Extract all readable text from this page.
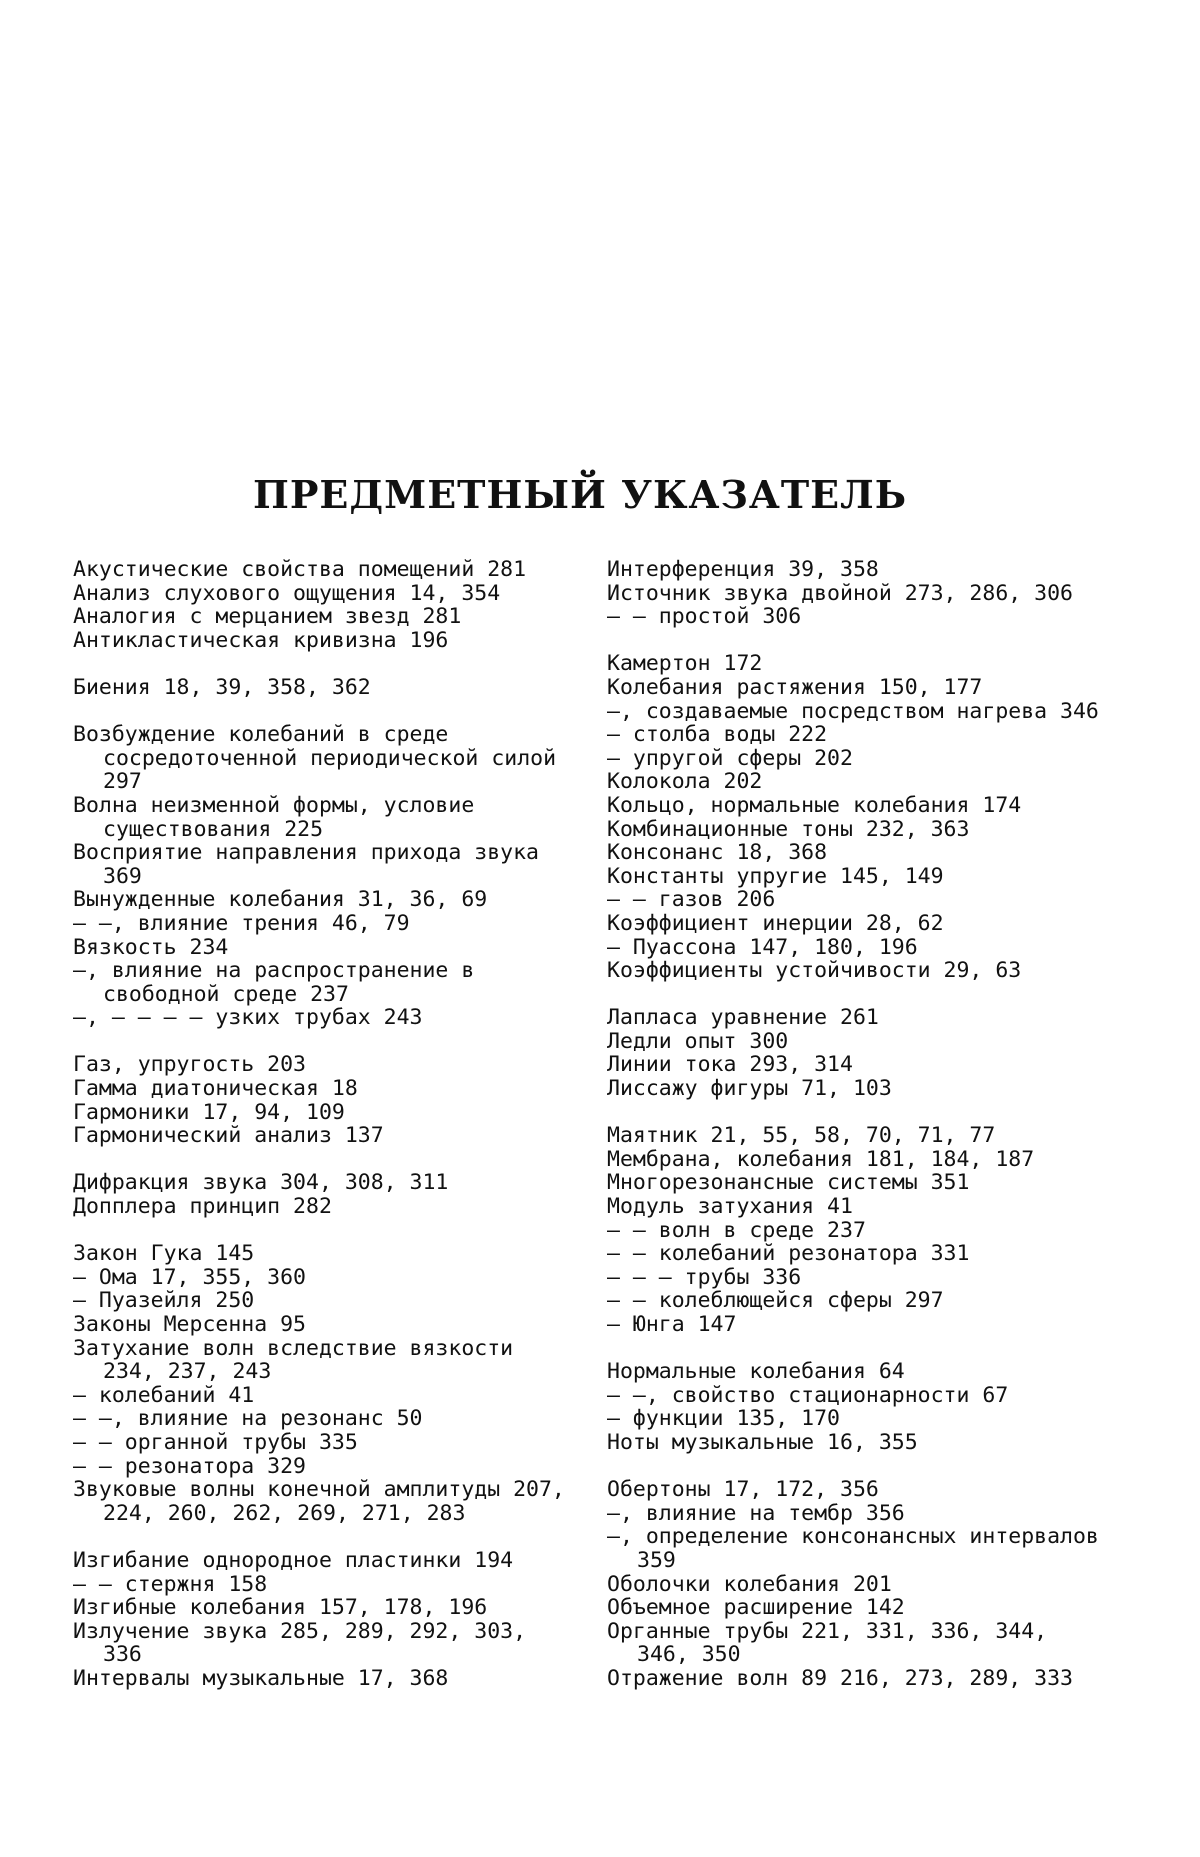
ПРЕДМЕТНЫЙ УКАЗАТЕЛЬ

Акустические свойства помещений 281

Анализ слухового ощущения 14, 354

Аналогия с мерцанием звезд 281

Антикластическая кривизна 196

Биения 18, 39, 358, 362

Возбуждение колебаний в среде сосредоточенной периодической силой 297

Волна неизменной формы, условие существования 225

Восприятие направления прихода звука 369

Вынужденные колебания 31, 36, 69

— —, влияние трения 46, 79

Вязкость 234

—, влияние на распространение в свободной среде 237

—, — — — — узких трубах 243

Газ, упругость 203

Гамма диатоническая 18

Гармоники 17, 94, 109

Гармонический анализ 137

Дифракция звука 304, 308, 311

Допплера принцип 282

Закон Гука 145

— Ома 17, 355, 360

— Пуазейля 250

Законы Мерсенна 95

Затухание волн вследствие вязкости 234, 237, 243

— колебаний 41

— —, влияние на резонанс 50

— — органной трубы 335

— — резонатора 329

Звуковые волны конечной амплитуды 207, 224, 260, 262, 269, 271, 283

Изгибание однородное пластинки 194

— — стержня 158

Изгибные колебания 157, 178, 196

Излучение звука 285, 289, 292, 303, 336

Интервалы музыкальные 17, 368

Интерференция 39, 358

Источник звука двойной 273, 286, 306

— — простой 306

Камертон 172

Колебания растяжения 150, 177

—, создаваемые посредством нагрева 346

— столба воды 222

— упругой сферы 202

Колокола 202

Кольцо, нормальные колебания 174

Комбинационные тоны 232, 363

Консонанс 18, 368

Константы упругие 145, 149

— — газов 206

Коэффициент инерции 28, 62

— Пуассона 147, 180, 196

Коэффициенты устойчивости 29, 63

Лапласа уравнение 261

Ледли опыт 300

Линии тока 293, 314

Лиссажу фигуры 71, 103

Маятник 21, 55, 58, 70, 71, 77

Мембрана, колебания 181, 184, 187

Многорезонансные системы 351

Модуль затухания 41

— — волн в среде 237

— — колебаний резонатора 331

— — — трубы 336

— — колеблющейся сферы 297

— Юнга 147

Нормальные колебания 64

— —, свойство стационарности 67

— функции 135, 170

Ноты музыкальные 16, 355

Обертоны 17, 172, 356

—, влияние на тембр 356

—, определение консонансных интервалов 359

Оболочки колебания 201

Объемное расширение 142

Органные трубы 221, 331, 336, 344, 346, 350

Отражение волн 89 216, 273, 289, 333
